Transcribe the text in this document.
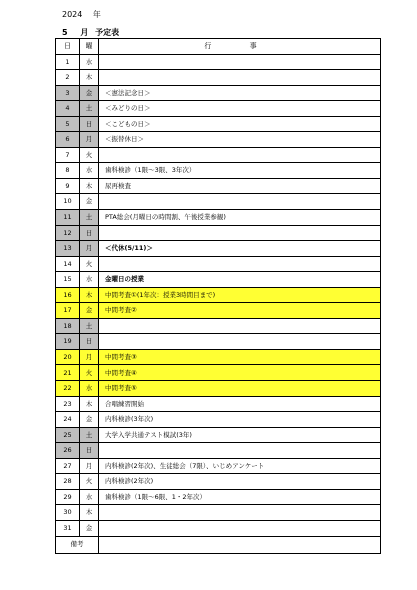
2024 年
5 月 予定表
日	曜	行 事
1	水	
2	木	
3	金	＜憲法記念日＞
4	土	＜みどりの日＞
5	日	＜こどもの日＞
6	月	＜振替休日＞
7	火	
8	水	歯科検診（1限～3限、3年次）
9	木	尿再検査
10	金	
11	土	PTA総会(月曜日の時間割、午後授業参観)
12	日	
13	月	＜代休(5/11)＞
14	火	
15	水	金曜日の授業
16	木	中間考査①(1年次：授業3時間目まで)
17	金	中間考査②
18	土	
19	日	
20	月	中間考査③
21	火	中間考査④
22	水	中間考査⑤
23	木	合唱練習開始
24	金	内科検診(3年次)
25	土	大学入学共通テスト模試(3年)
26	日	
27	月	内科検診(2年次)、生徒総会（7限）、いじめアンケート
28	火	内科検診(2年次)
29	水	歯科検診（1限～6限、1・2年次）
30	木	
31	金	
備考		
